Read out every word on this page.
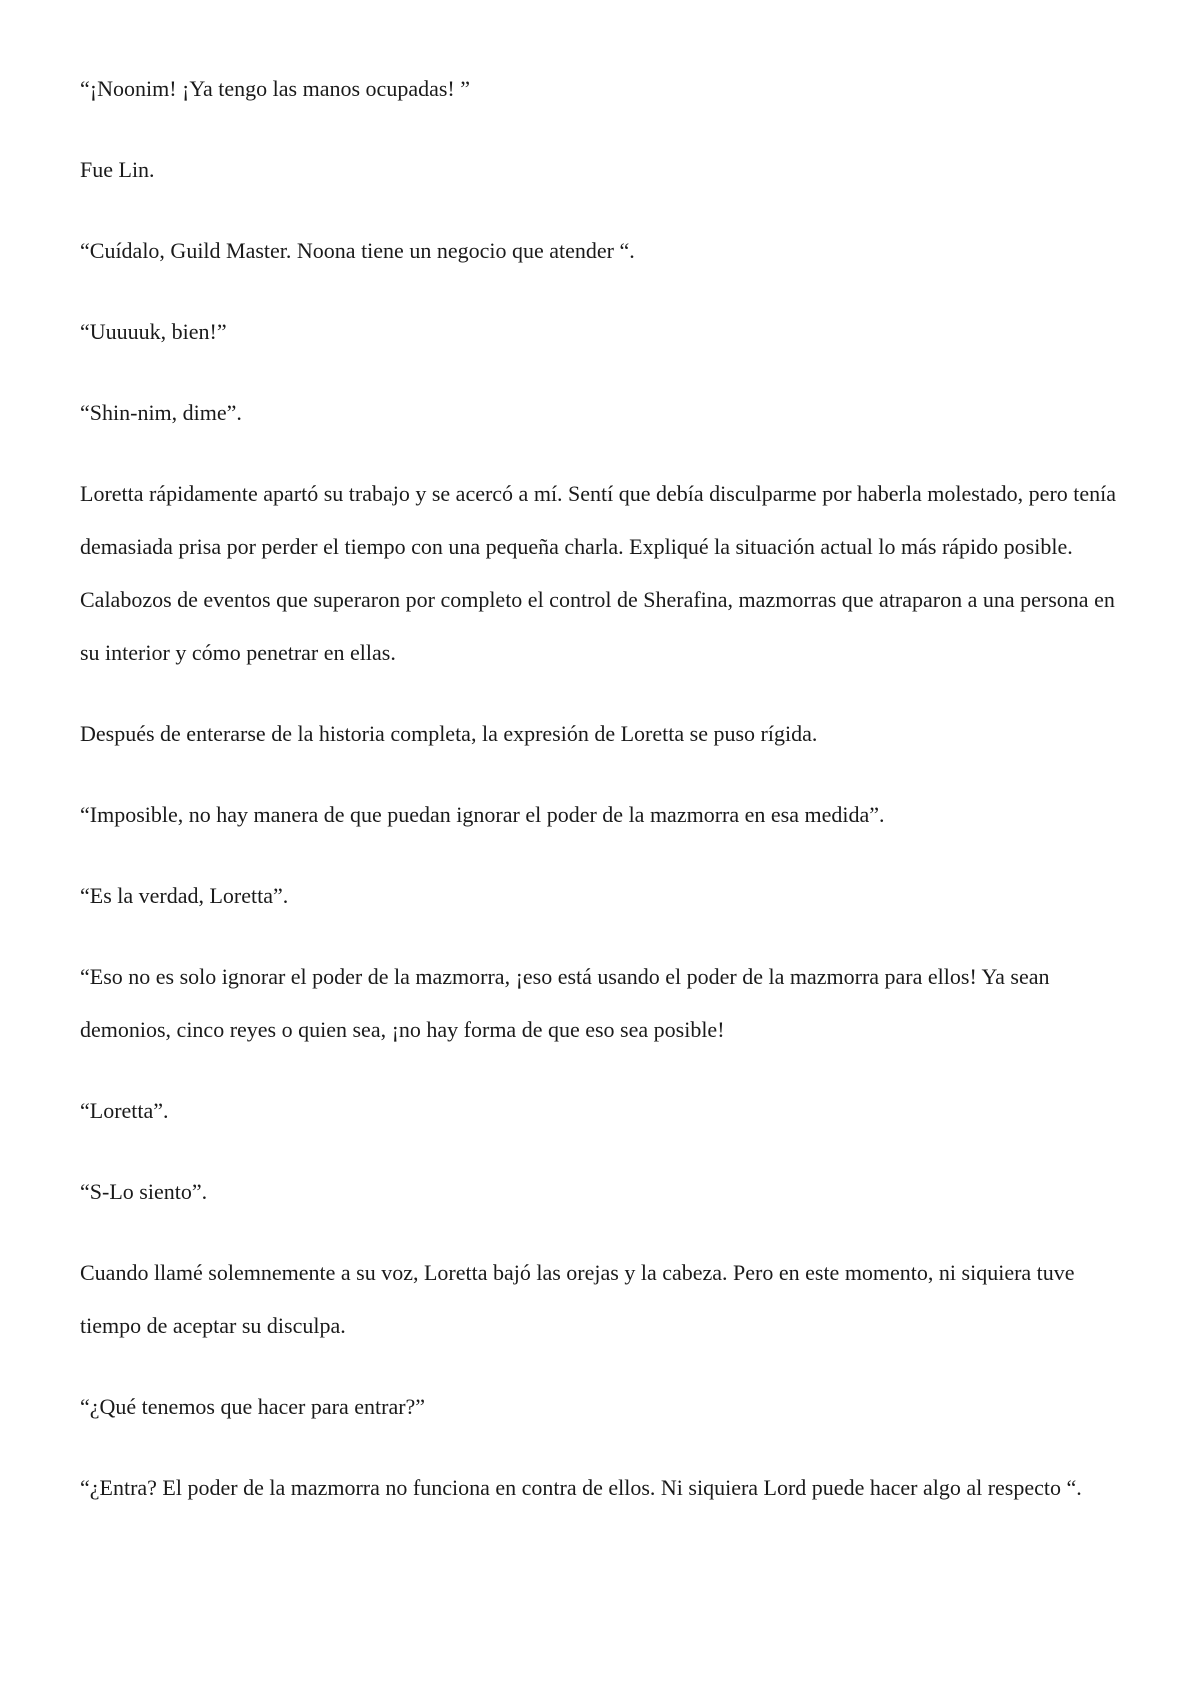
“¡Noonim! ¡Ya tengo las manos ocupadas! ”

Fue Lin.

“Cuídalo, Guild Master. Noona tiene un negocio que atender “.

“Uuuuuk, bien!”

“Shin-nim, dime”.

Loretta rápidamente apartó su trabajo y se acercó a mí. Sentí que debía disculparme por haberla molestado, pero tenía demasiada prisa por perder el tiempo con una pequeña charla. Expliqué la situación actual lo más rápido posible. Calabozos de eventos que superaron por completo el control de Sherafina, mazmorras que atraparon a una persona en su interior y cómo penetrar en ellas.

Después de enterarse de la historia completa, la expresión de Loretta se puso rígida.

“Imposible, no hay manera de que puedan ignorar el poder de la mazmorra en esa medida”.

“Es la verdad, Loretta”.

“Eso no es solo ignorar el poder de la mazmorra, ¡eso está usando el poder de la mazmorra para ellos! Ya sean demonios, cinco reyes o quien sea, ¡no hay forma de que eso sea posible!

“Loretta”.

“S-Lo siento”.

Cuando llamé solemnemente a su voz, Loretta bajó las orejas y la cabeza. Pero en este momento, ni siquiera tuve tiempo de aceptar su disculpa.

“¿Qué tenemos que hacer para entrar?”

“¿Entra? El poder de la mazmorra no funciona en contra de ellos. Ni siquiera Lord puede hacer algo al respecto “.
